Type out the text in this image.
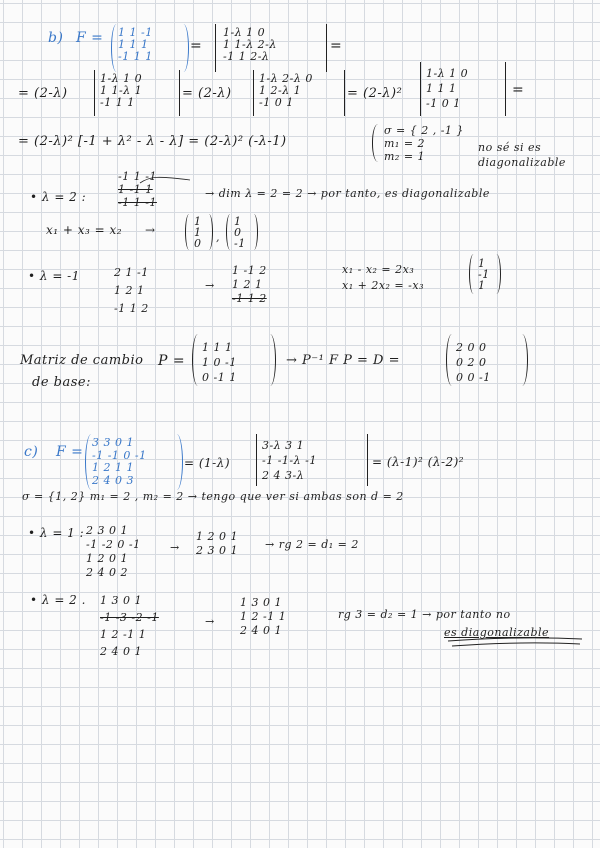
b) F = 1 1 -1
1 1 1
-1 1 1
=
1-λ 1 0
1 1-λ 2-λ
-1 1 2-λ
=
= (2-λ)
1-λ 1 0
1 1-λ 1
-1 1 1
= (2-λ)
1-λ 2-λ 0
1 2-λ 1
-1 0 1
= (2-λ)²
1-λ 1 0
1 1 1
-1 0 1
=
= (2-λ)² [-1 + λ² - λ - λ] = (2-λ)² (-λ-1)
σ = { 2 , -1 }
m₁ = 2
m₂ = 1
no sé si es
diagonalizable
• λ = 2 :
-1 1 -1
1 -1 1
-1 1 -1
→ dim λ = 2 = 2 → por tanto, es diagonalizable
x₁ + x₃ = x₂ →
1
1
0 ,
1
0
-1
• λ = -1	2 1 -1
1 2 1
-1 1 2
→
1 -1 2
1 2 1
-1 1 2
x₁ - x₂ = 2x₃
x₁ + 2x₂ = -x₃
1
-1
1
Matriz de cambio
de base:
P =
1 1 1
1 0 -1
0 -1 1
→ P⁻¹ F P = D =
2 0 0
0 2 0
0 0 -1
c) F =
3 3 0 1
-1 -1 0 -1
1 2 1 1
2 4 0 3
= (1-λ)
3-λ 3 1
-1 -1-λ -1
2 4 3-λ
= (λ-1)² (λ-2)²
σ = {1, 2} m₁ = 2 , m₂ = 2 → tengo que ver si ambas son d = 2
• λ = 1 : 2 3 0 1
-1 -2 0 -1
1 2 0 1
2 4 0 2
→
1 2 0 1
2 3 0 1 → rg 2 = d₁ = 2
• λ = 2 . 1 3 0 1
-1 -3 -2 -1
1 2 -1 1
2 4 0 1
→
1 3 0 1
1 2 -1 1
2 4 0 1
rg 3 = d₂ = 1 → por tanto no
es diagonalizable
